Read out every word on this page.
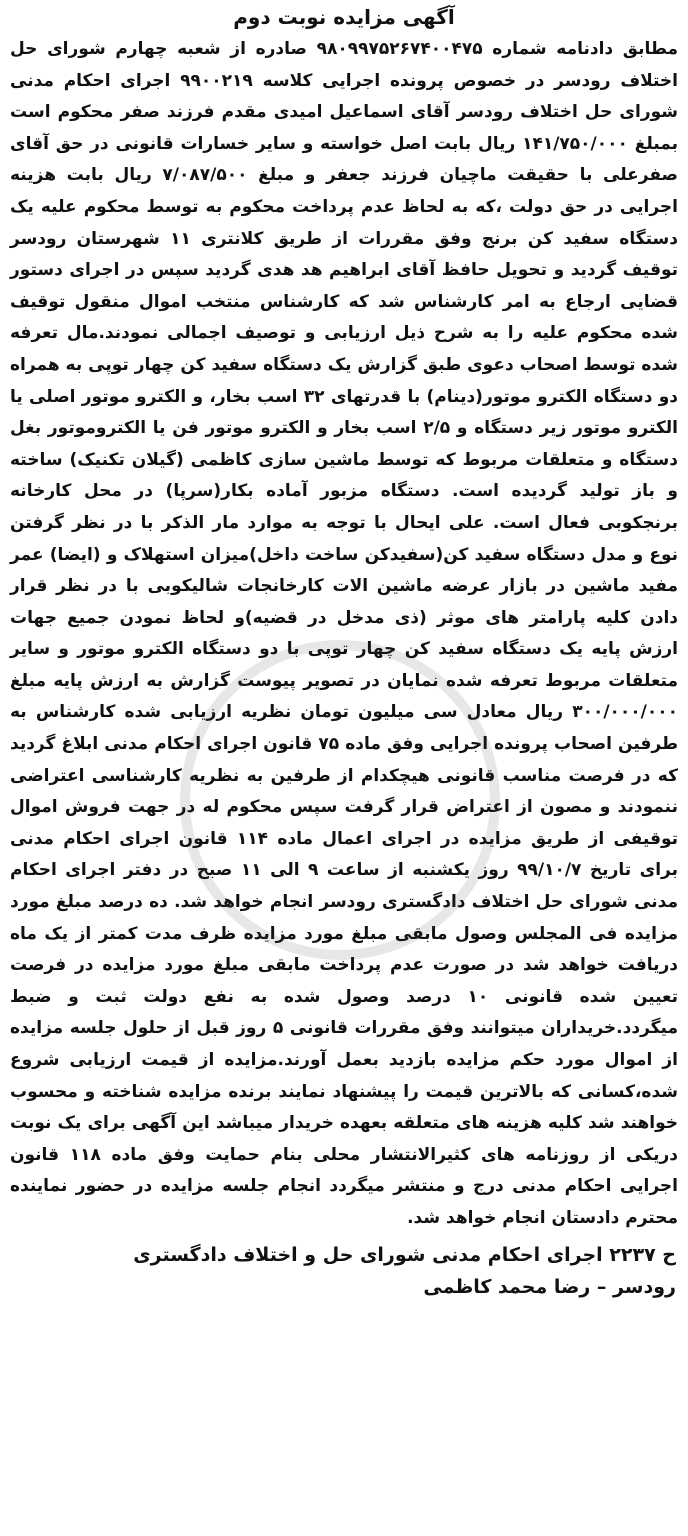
آگهی مزایده نوبت دوم

مطابق دادنامه شماره ۹۸۰۹۹۷۵۲۶۷۴۰۰۴۷۵ صادره از شعبه چهارم شورای حل اختلاف رودسر در خصوص پرونده اجرایی کلاسه ۹۹۰۰۲۱۹ اجرای احکام مدنی شورای حل اختلاف رودسر آقای اسماعیل امیدی مقدم فرزند صفر محکوم است بمبلغ ۱۴۱/۷۵۰/۰۰۰ ریال بابت اصل خواسته و سایر خسارات قانونی در حق آقای صفرعلی با حقیقت ماچیان فرزند جعفر و مبلغ ۷/۰۸۷/۵۰۰ ریال بابت هزینه اجرایی در حق دولت ،که به لحاظ عدم پرداخت محکوم به توسط محکوم علیه یک دستگاه سفید کن برنج وفق مقررات از طریق کلانتری ۱۱ شهرستان رودسر توقیف گردید و تحویل حافظ آقای ابراهیم هد هدی گردید سپس در اجرای دستور قضایی ارجاع به امر کارشناس شد که کارشناس منتخب اموال منقول توقیف شده محکوم علیه را به شرح ذیل ارزیابی و توصیف اجمالی نمودند.مال تعرفه شده توسط اصحاب دعوی طبق گزارش یک دستگاه سفید کن چهار توپی به همراه دو دستگاه الکترو موتور(دینام) با قدرتهای ۳۲ اسب بخار، و الکترو موتور اصلی یا الکترو موتور زیر دستگاه و ۲/۵ اسب بخار و الکترو موتور فن یا الکتروموتور بغل دستگاه و متعلقات مربوط که توسط ماشین سازی کاظمی (گیلان تکنیک) ساخته و باز تولید گردیده است. دستگاه مزبور آماده بکار(سرپا) در محل کارخانه برنجکوبی فعال است. علی ایحال با توجه به موارد مار الذکر با در نظر گرفتن نوع و مدل دستگاه سفید کن(سفیدکن ساخت داخل)میزان استهلاک و (ایضا) عمر مفید ماشین در بازار عرضه ماشین الات کارخانجات شالیکوبی با در نظر قرار دادن کلیه پارامتر های موثر (ذی مدخل در قضیه)و لحاظ نمودن جمیع جهات ارزش پایه یک دستگاه سفید کن چهار توپی با دو دستگاه الکترو موتور و سایر متعلقات مربوط تعرفه شده نمایان در تصویر پیوست گزارش به ارزش پایه مبلغ ۳۰۰/۰۰۰/۰۰۰ ریال معادل سی میلیون تومان نظریه ارزیابی شده کارشناس به طرفین اصحاب پرونده اجرایی وفق ماده ۷۵ قانون اجرای احکام مدنی ابلاغ گردید که در فرصت مناسب قانونی هیچکدام از طرفین به نظریه کارشناسی اعتراضی ننمودند و مصون از اعتراض قرار گرفت سپس محکوم له در جهت فروش اموال توقیفی از طریق مزایده در اجرای اعمال ماده ۱۱۴ قانون اجرای احکام مدنی برای تاریخ ۹۹/۱۰/۷ روز یکشنبه از ساعت ۹ الی ۱۱ صبح در دفتر اجرای احکام مدنی شورای حل اختلاف دادگستری رودسر انجام خواهد شد. ده درصد مبلغ مورد مزایده فی المجلس وصول مابقی مبلغ مورد مزایده ظرف مدت کمتر از یک ماه دریافت خواهد شد در صورت عدم پرداخت مابقی مبلغ مورد مزایده در فرصت تعیین شده قانونی ۱۰ درصد وصول شده به نفع دولت ثبت و ضبط میگردد.خریداران میتوانند وفق مقررات قانونی ۵ روز قبل از حلول جلسه مزایده از اموال مورد حکم مزایده بازدید بعمل آورند.مزایده از قیمت ارزیابی شروع شده،کسانی که بالاترین قیمت را پیشنهاد نمایند برنده مزایده شناخته و محسوب خواهند شد کلیه هزینه های متعلقه بعهده خریدار میباشد این آگهی برای یک نوبت دریکی از روزنامه های کثیرالانتشار محلی بنام حمایت وفق ماده ۱۱۸ قانون اجرایی احکام مدنی درج و منتشر میگردد انجام جلسه مزایده در حضور نماینده محترم دادستان انجام خواهد شد.

ح ۲۲۳۷ اجرای احکام مدنی شورای حل و اختلاف دادگستری
رودسر – رضا محمد کاظمی
